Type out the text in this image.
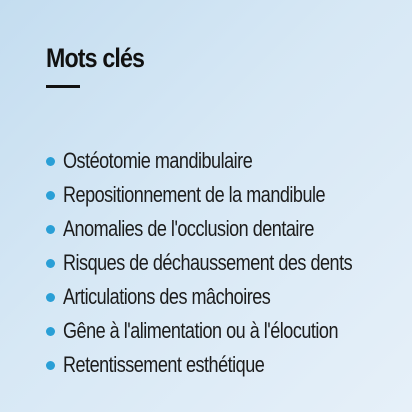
Mots clés
Ostéotomie mandibulaire
Repositionnement de la mandibule
Anomalies de l'occlusion dentaire
Risques de déchaussement des dents
Articulations des mâchoires
Gêne à l'alimentation ou à l'élocution
Retentissement esthétique
